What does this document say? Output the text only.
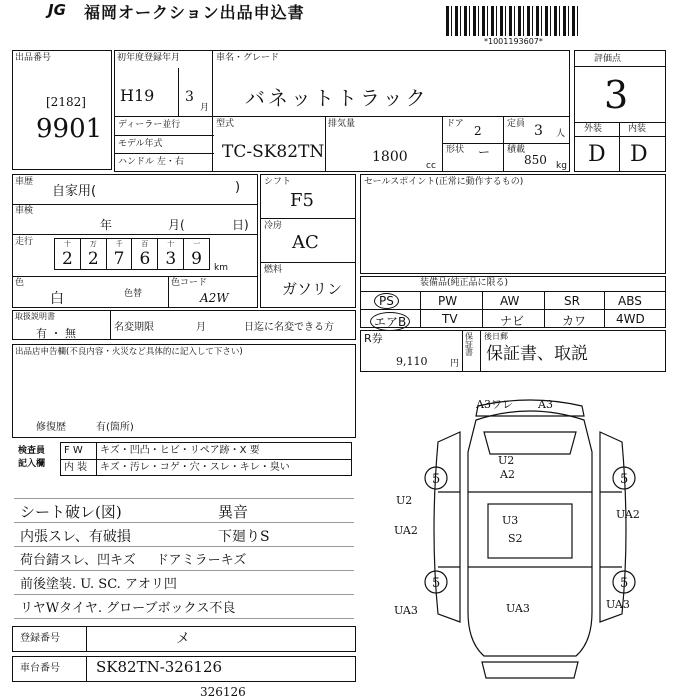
JG 福岡オークション出品申込書
*1001193607*
出品番号
[2182]
9901
初年度登録年月
H19 3
月
車名・グレード
バネットトラック
ディーラー並行
モデル年式
ハンドル 左・右
型式
TC-SK82TN
排気量
1800
cc
ドア 2	定員 3 人
形状 ー 積載
850 kg
評価点
3
外装	内装
D D
車歴
自家用(	)
車検
年	月(	日)
走行	十	万	千	百	十	一
2	2	7	6	3	9 km
色
白	色替
色コード
A2W
シフト
F5
冷房
AC
燃料
ガソリン
セールスポイント(正常に動作するもの)
装備品(純正品に限る)
PS	PW	AW	SR	ABS
エアB	TV	ナビ	カワ 4WD
取扱説明書
有 ・ 無	名変期限	月	日迄に名変できる方
R券
9,110	円
保証書
後日郵
保証書、取説
出品店申告欄(不良内容・火災など具体的に記入して下さい)
修復歴	有(箇所)
検査員
記入欄
F W キズ・凹凸・ヒビ・リペア跡・X 要
内 装 キズ・汚レ・コゲ・穴・スレ・キレ・臭い
シート破レ(図)	異音
内張スレ、有破損	下廻りS
荷台錆スレ、凹キズ ドアミラーキズ
前後塗装. U. SC. アオリ凹
リヤWタイヤ. グローブボックス不良
登録番号	メ
車台番号 SK82TN-326126
326126
A3ワレ A3
U2
A2
U2
UA2
UA2
U3
S2
UA3	UA3	UA3
5	5
5	5
